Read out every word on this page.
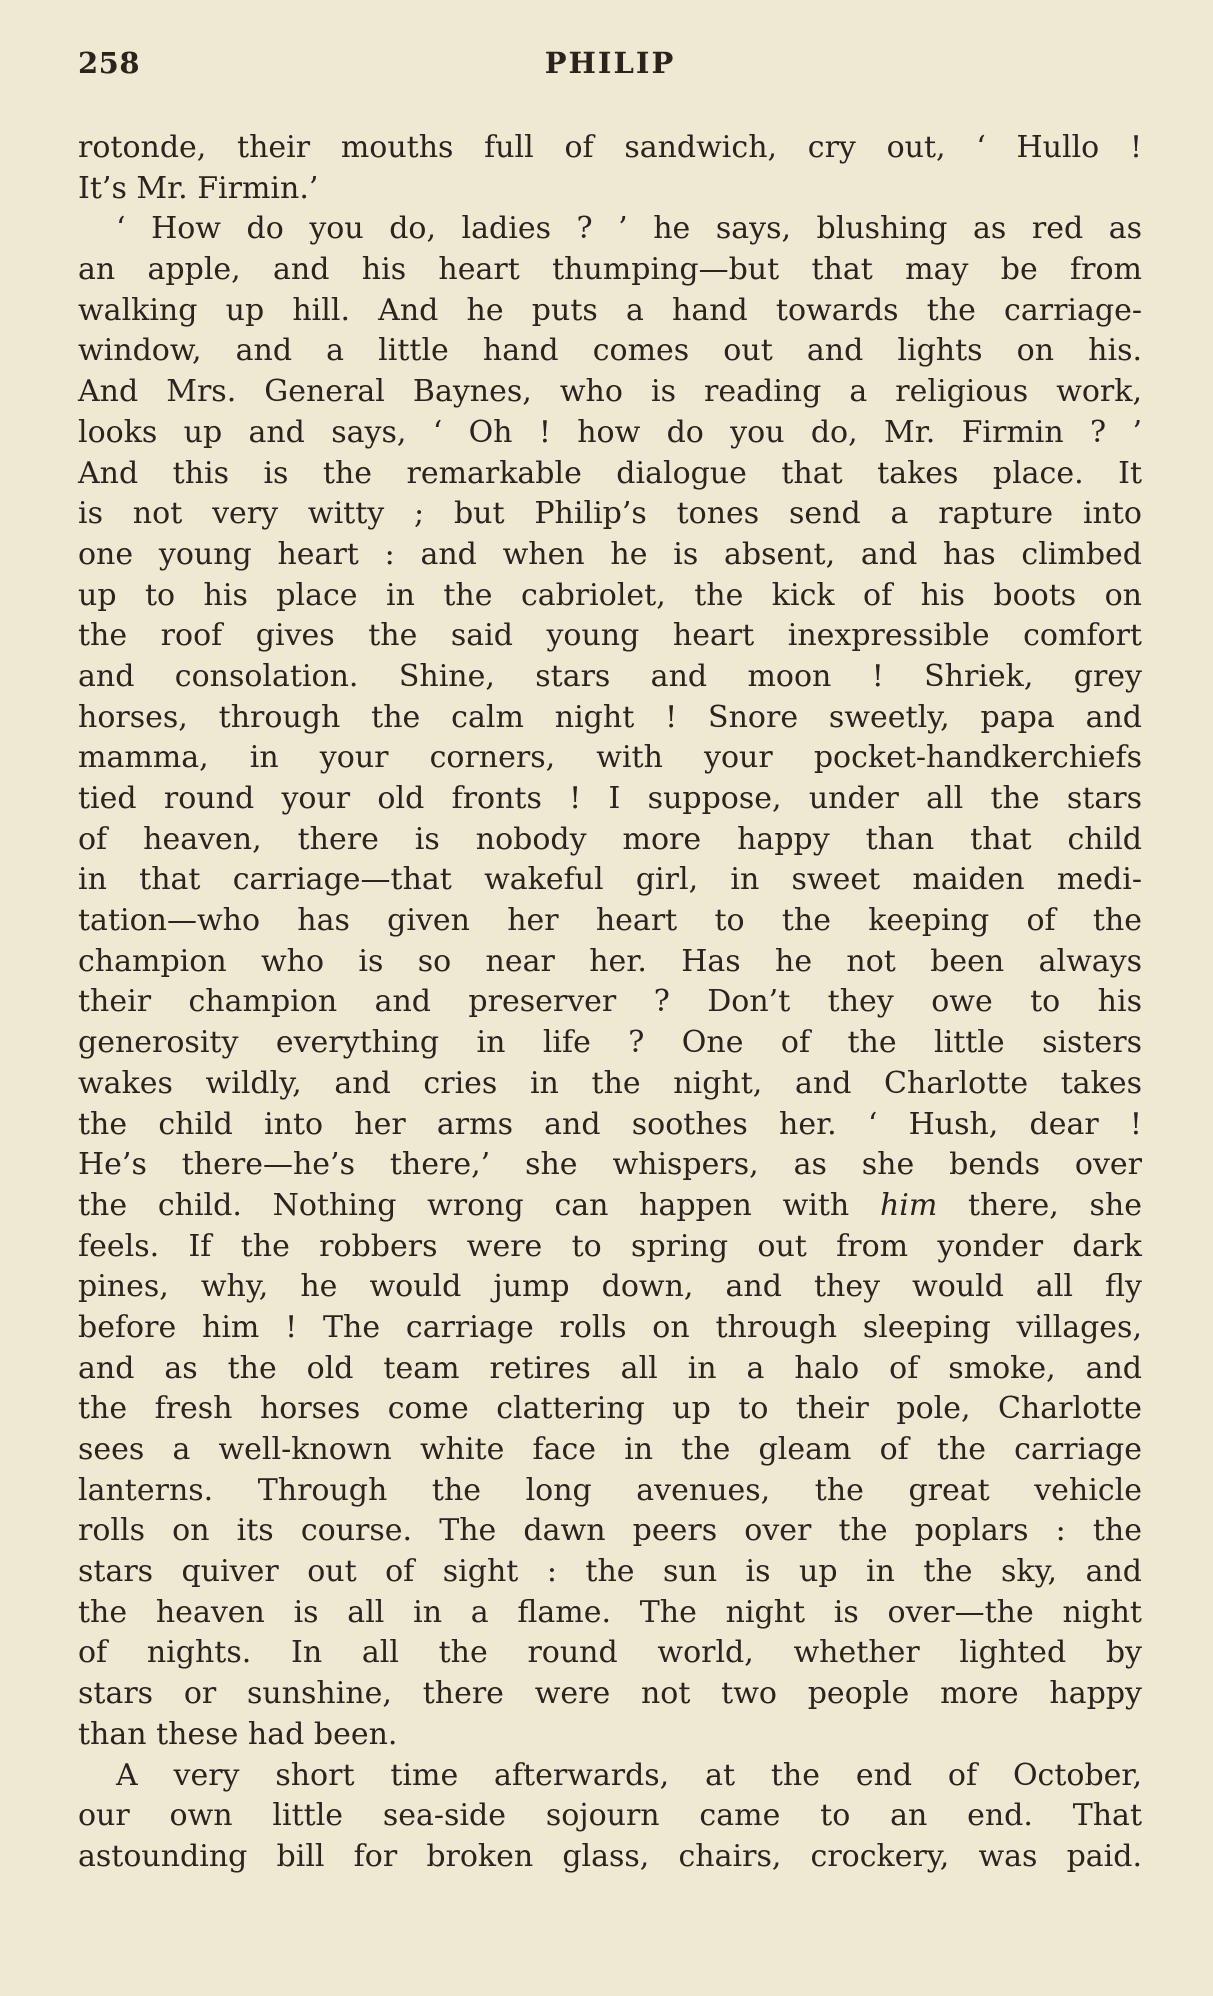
258	PHILIP
rotonde, their mouths full of sandwich, cry out, ‘ Hullo !
It’s Mr. Firmin.’
‘ How do you do, ladies ? ’ he says, blushing as red as
an apple, and his heart thumping—but that may be from
walking up hill. And he puts a hand towards the carriage-
window, and a little hand comes out and lights on his.
And Mrs. General Baynes, who is reading a religious work,
looks up and says, ‘ Oh ! how do you do, Mr. Firmin ? ’
And this is the remarkable dialogue that takes place. It
is not very witty ; but Philip’s tones send a rapture into
one young heart : and when he is absent, and has climbed
up to his place in the cabriolet, the kick of his boots on
the roof gives the said young heart inexpressible comfort
and consolation. Shine, stars and moon ! Shriek, grey
horses, through the calm night ! Snore sweetly, papa and
mamma, in your corners, with your pocket-handkerchiefs
tied round your old fronts ! I suppose, under all the stars
of heaven, there is nobody more happy than that child
in that carriage—that wakeful girl, in sweet maiden medi-
tation—who has given her heart to the keeping of the
champion who is so near her. Has he not been always
their champion and preserver ? Don’t they owe to his
generosity everything in life ? One of the little sisters
wakes wildly, and cries in the night, and Charlotte takes
the child into her arms and soothes her. ‘ Hush, dear !
He’s there—he’s there,’ she whispers, as she bends over
the child. Nothing wrong can happen with him there, she
feels. If the robbers were to spring out from yonder dark
pines, why, he would jump down, and they would all fly
before him ! The carriage rolls on through sleeping villages,
and as the old team retires all in a halo of smoke, and
the fresh horses come clattering up to their pole, Charlotte
sees a well-known white face in the gleam of the carriage
lanterns. Through the long avenues, the great vehicle
rolls on its course. The dawn peers over the poplars : the
stars quiver out of sight : the sun is up in the sky, and
the heaven is all in a flame. The night is over—the night
of nights. In all the round world, whether lighted by
stars or sunshine, there were not two people more happy
than these had been.
A very short time afterwards, at the end of October,
our own little sea-side sojourn came to an end. That
astounding bill for broken glass, chairs, crockery, was paid.
